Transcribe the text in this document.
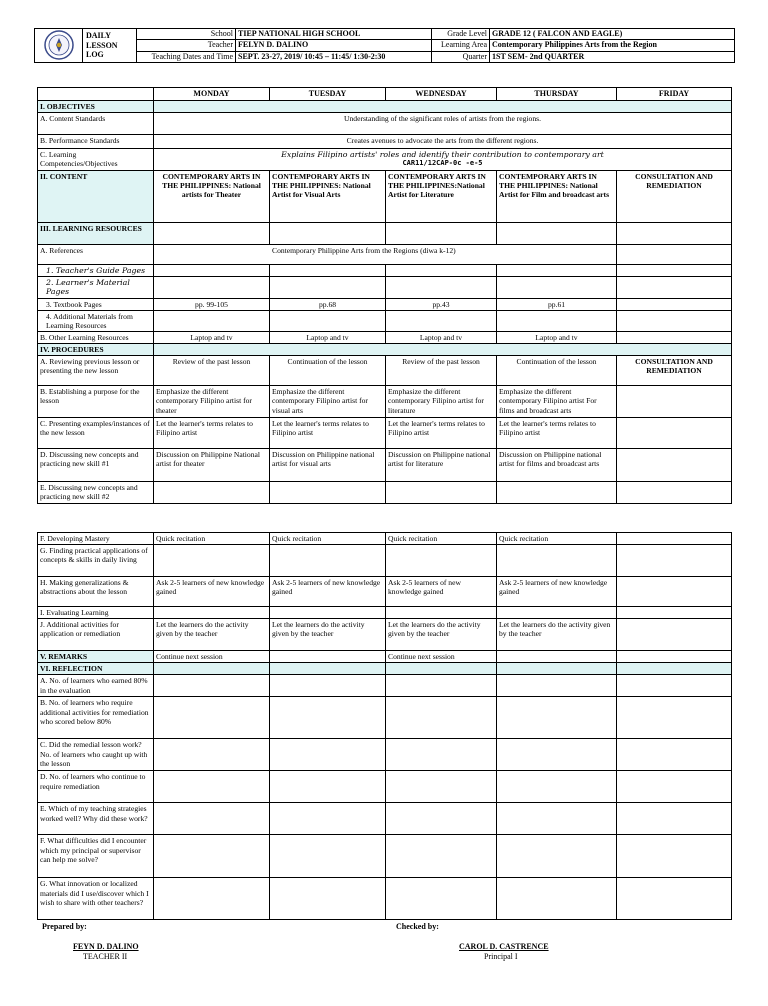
DAILY
LESSON
LOG	School	TIEP NATIONAL HIGH SCHOOL	Grade Level	GRADE 12 ( FALCON AND EAGLE)
		Teacher	FELYN D. DALINO	Learning Area	Contemporary Philippines Arts from the Region
		Teaching Dates and Time	SEPT. 23-27, 2019/ 10:45 – 11:45/ 1:30-2:30	Quarter	1ST SEM- 2nd QUARTER
	MONDAY	TUESDAY	WEDNESDAY	THURSDAY	FRIDAY
I. OBJECTIVES					
A. Content Standards	Understanding of the significant roles of artists from the regions.				
B. Performance Standards	Creates avenues to advocate the arts from the different regions.				
C. Learning Competencies/Objectives	Explains Filipino artists' roles and identify their contribution to contemporary art
CAR11/12CAP-0c -e-5				

II. CONTENT	CONTEMPORARY ARTS IN THE PHILIPPINES: National artists for Theater	CONTEMPORARY ARTS IN THE PHILIPPINES: National Artist for Visual Arts	CONTEMPORARY ARTS IN THE PHILIPPINES:National Artist for Literature	CONTEMPORARY ARTS IN THE PHILIPPINES: National Artist for Film and broadcast arts	CONSULTATION AND REMEDIATION
III. LEARNING RESOURCES					
A. References	Contemporary Philippine Arts from the Regions (diwa k-12)				
1. Teacher's Guide Pages					
2. Learner's Material Pages					
3. Textbook Pages	pp. 99-105	pp.68	pp.43	pp.61	
4. Additional Materials from Learning Resources					
B. Other Learning Resources	Laptop and tv	Laptop and tv	Laptop and tv	Laptop and tv	
IV. PROCEDURES					
A. Reviewing previous lesson or presenting the new lesson	Review of the past lesson	Continuation of the lesson	Review of the past lesson	Continuation of the lesson	CONSULTATION AND REMEDIATION
B. Establishing a purpose for the lesson	Emphasize the different contemporary Filipino artist for theater	Emphasize the different contemporary Filipino artist for visual arts	Emphasize the different contemporary Filipino artist for literature	Emphasize the different contemporary Filipino artist For films and broadcast arts	
C. Presenting examples/instances of the new lesson	Let the learner's terms relates to Filipino artist	Let the learner's terms relates to Filipino artist	Let the learner's terms relates to Filipino artist	Let the learner's terms relates to Filipino artist	
D. Discussing new concepts and practicing new skill #1	Discussion on Philippine National artist for theater	Discussion on Philippine national artist for visual arts	Discussion on Philippine national artist for literature	Discussion on Philippine national artist for films and broadcast arts	
E. Discussing new concepts and practicing new skill #2					
F. Developing Mastery	Quick recitation	Quick recitation	Quick recitation	Quick recitation	
G. Finding practical applications of concepts & skills in daily living					
H. Making generalizations & abstractions about the lesson	Ask 2-5 learners of new knowledge gained	Ask 2-5 learners of new knowledge gained	Ask 2-5 learners of new knowledge gained	Ask 2-5 learners of new knowledge gained	
I. Evaluating Learning					
J. Additional activities for application or remediation	Let the learners do the activity given by the teacher	Let the learners do the activity given by the teacher	Let the learners do the activity given by the teacher	Let the learners do the activity given by the teacher	
V. REMARKS	Continue next session		Continue next session		
VI. REFLECTION					
A. No. of learners who earned 80% in the evaluation					
B. No. of learners who require additional activities for remediation who scored below 80%					
C. Did the remedial lesson work? No. of learners who caught up with the lesson					
D. No. of learners who continue to require remediation					
E. Which of my teaching strategies worked well? Why did these work?					
F. What difficulties did I encounter which my principal or supervisor can help me solve?					
G. What innovation or localized materials did I use/discover which I wish to share with other teachers?					
Prepared by:
FEYN D. DALINO
TEACHER II
Checked by:
CAROL D. CASTRENCE
Principal I
